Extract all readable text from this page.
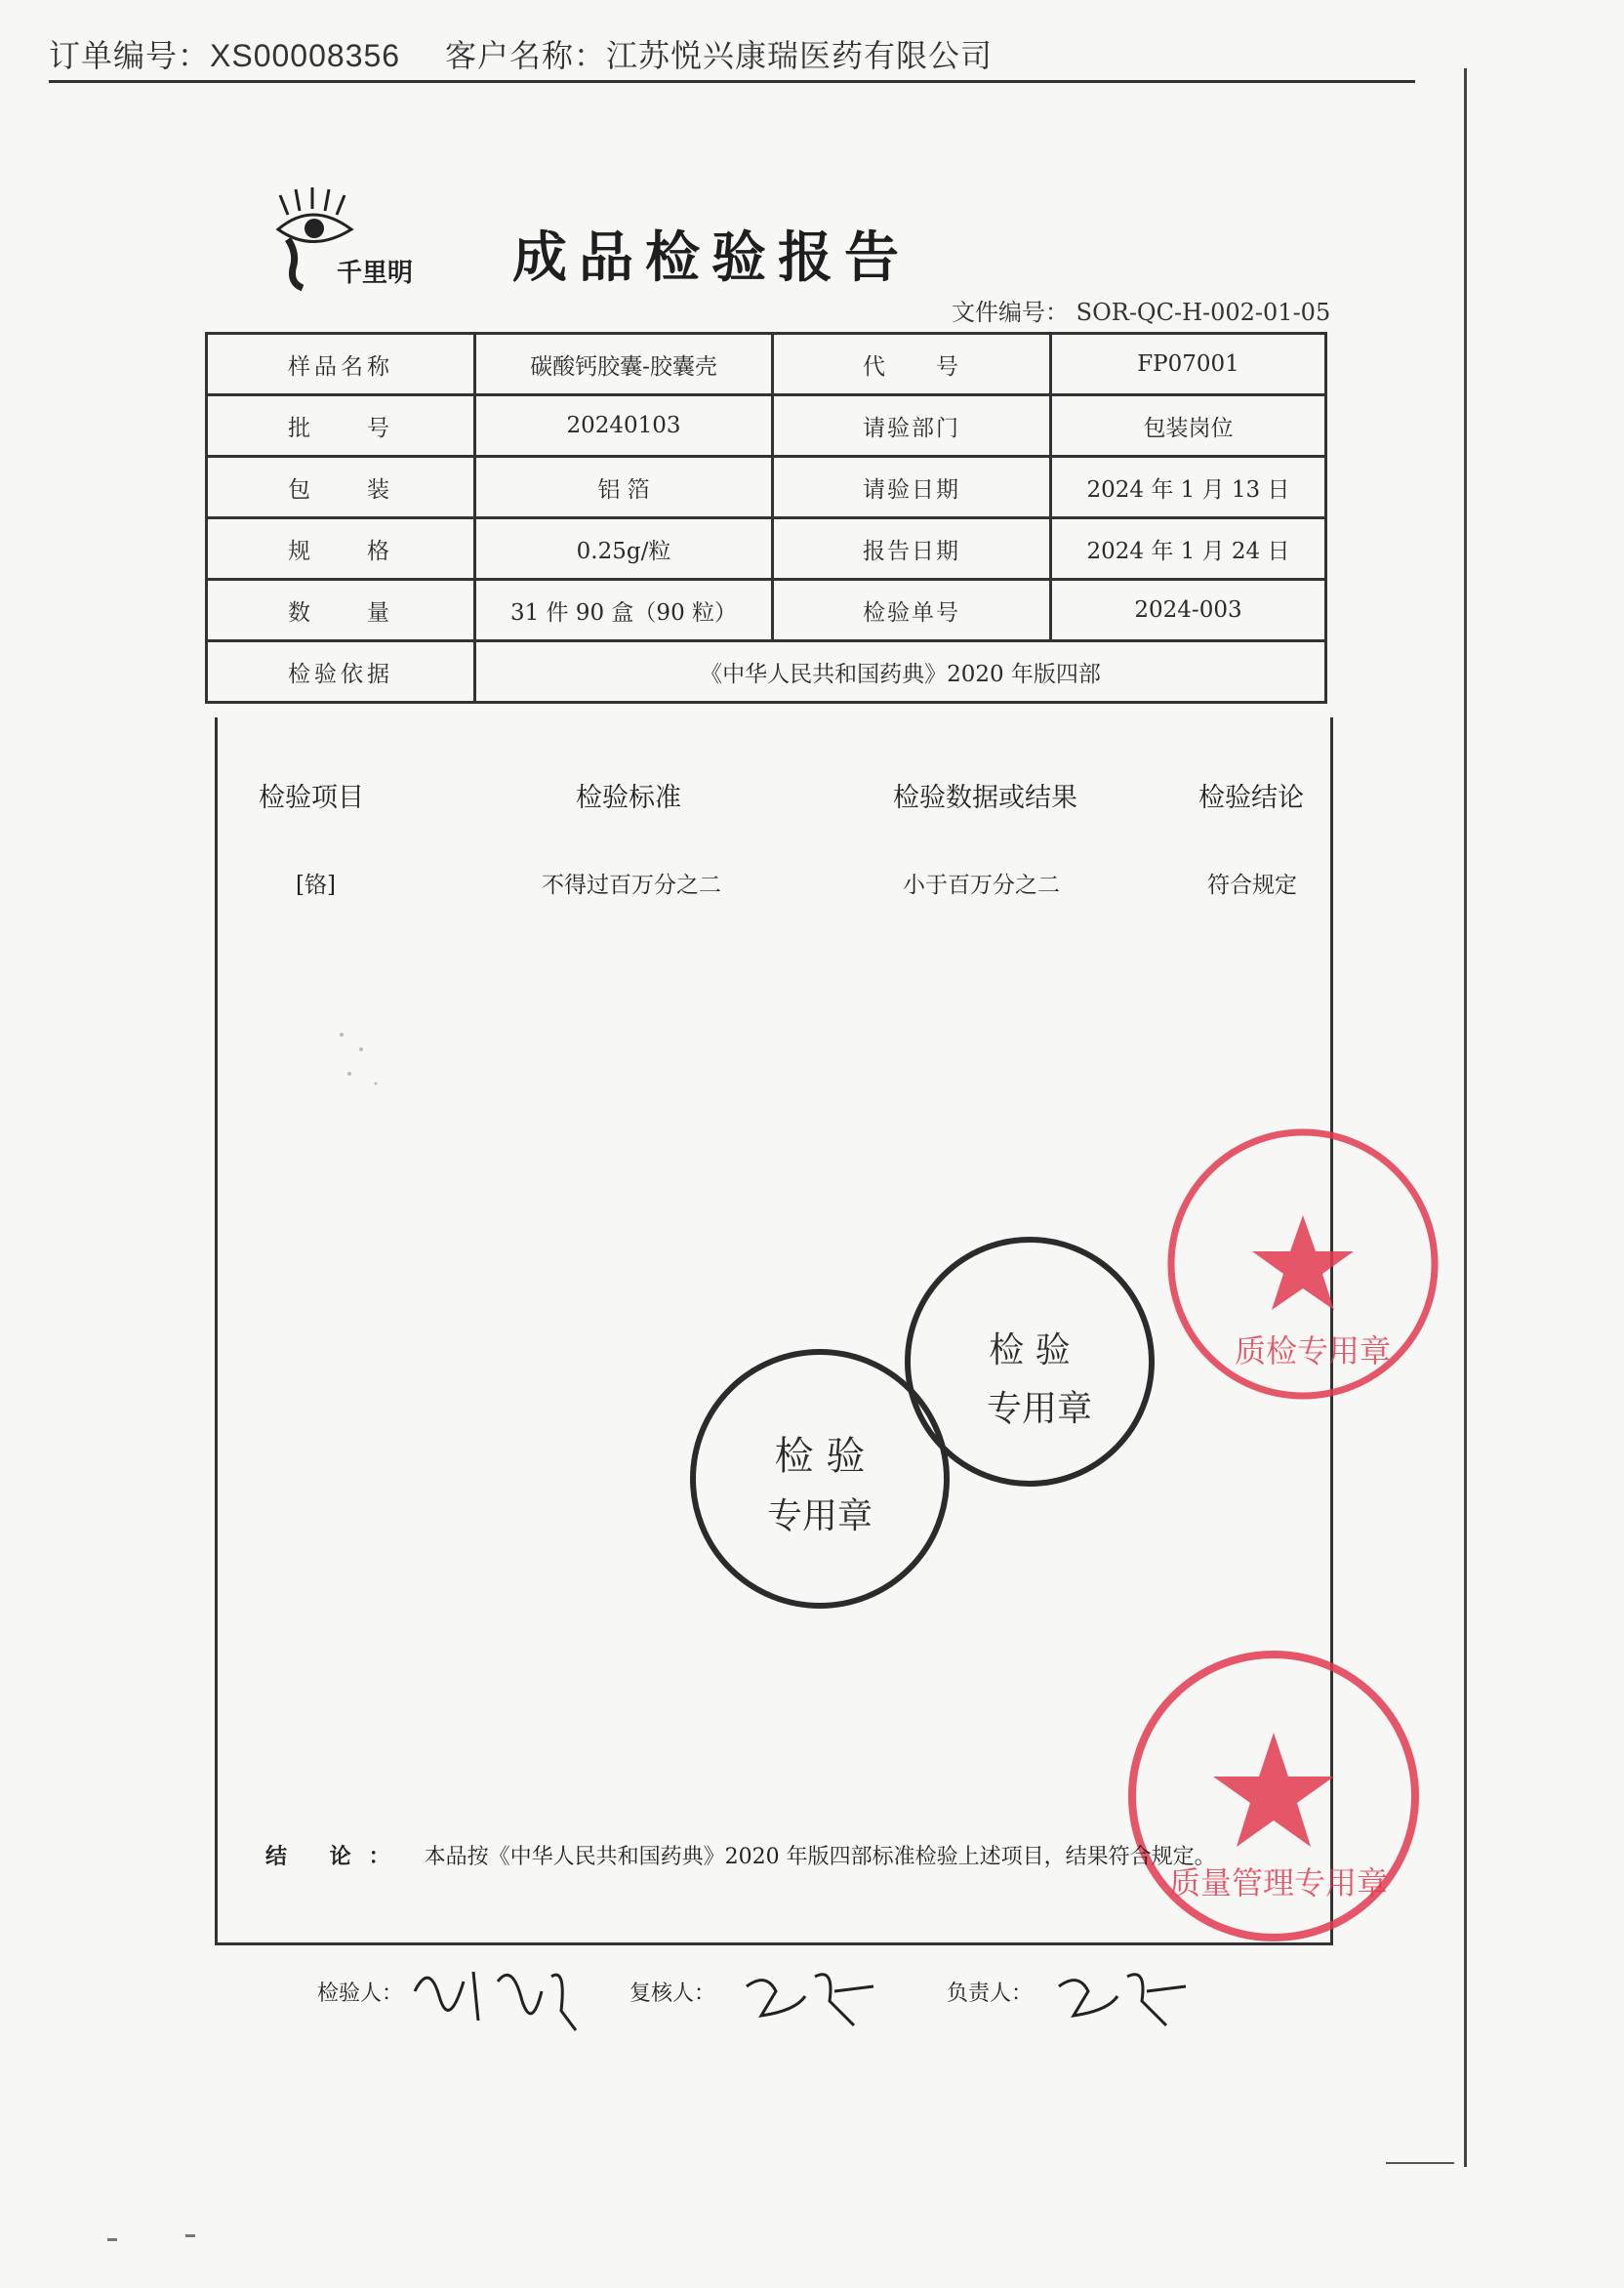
订单编号：XS00008356 客户名称：江苏悦兴康瑞医药有限公司
千里明 成品检验报告
文件编号： SOR-QC-H-002-01-05
样品名称	碳酸钙胶囊-胶囊壳	代　　号	FP07001
批　　号	20240103	请验部门	包装岗位
包　　装	铝 箔	请验日期	2024 年 1 月 13 日
规　　格	0.25g/粒	报告日期	2024 年 1 月 24 日
数　　量	31 件 90 盒（90 粒）	检验单号	2024-003
检验依据	《中华人民共和国药典》2020 年版四部		
检验项目	检验标准	检验数据或结果	检验结论
[铬]	不得过百万分之二	小于百万分之二	符合规定
检 验
专用章
检 验
专用章
质检专用章
质量管理专用章
结 论： 本品按《中华人民共和国药典》2020 年版四部标准检验上述项目，结果符合规定。
检验人：	复核人：	负责人：
